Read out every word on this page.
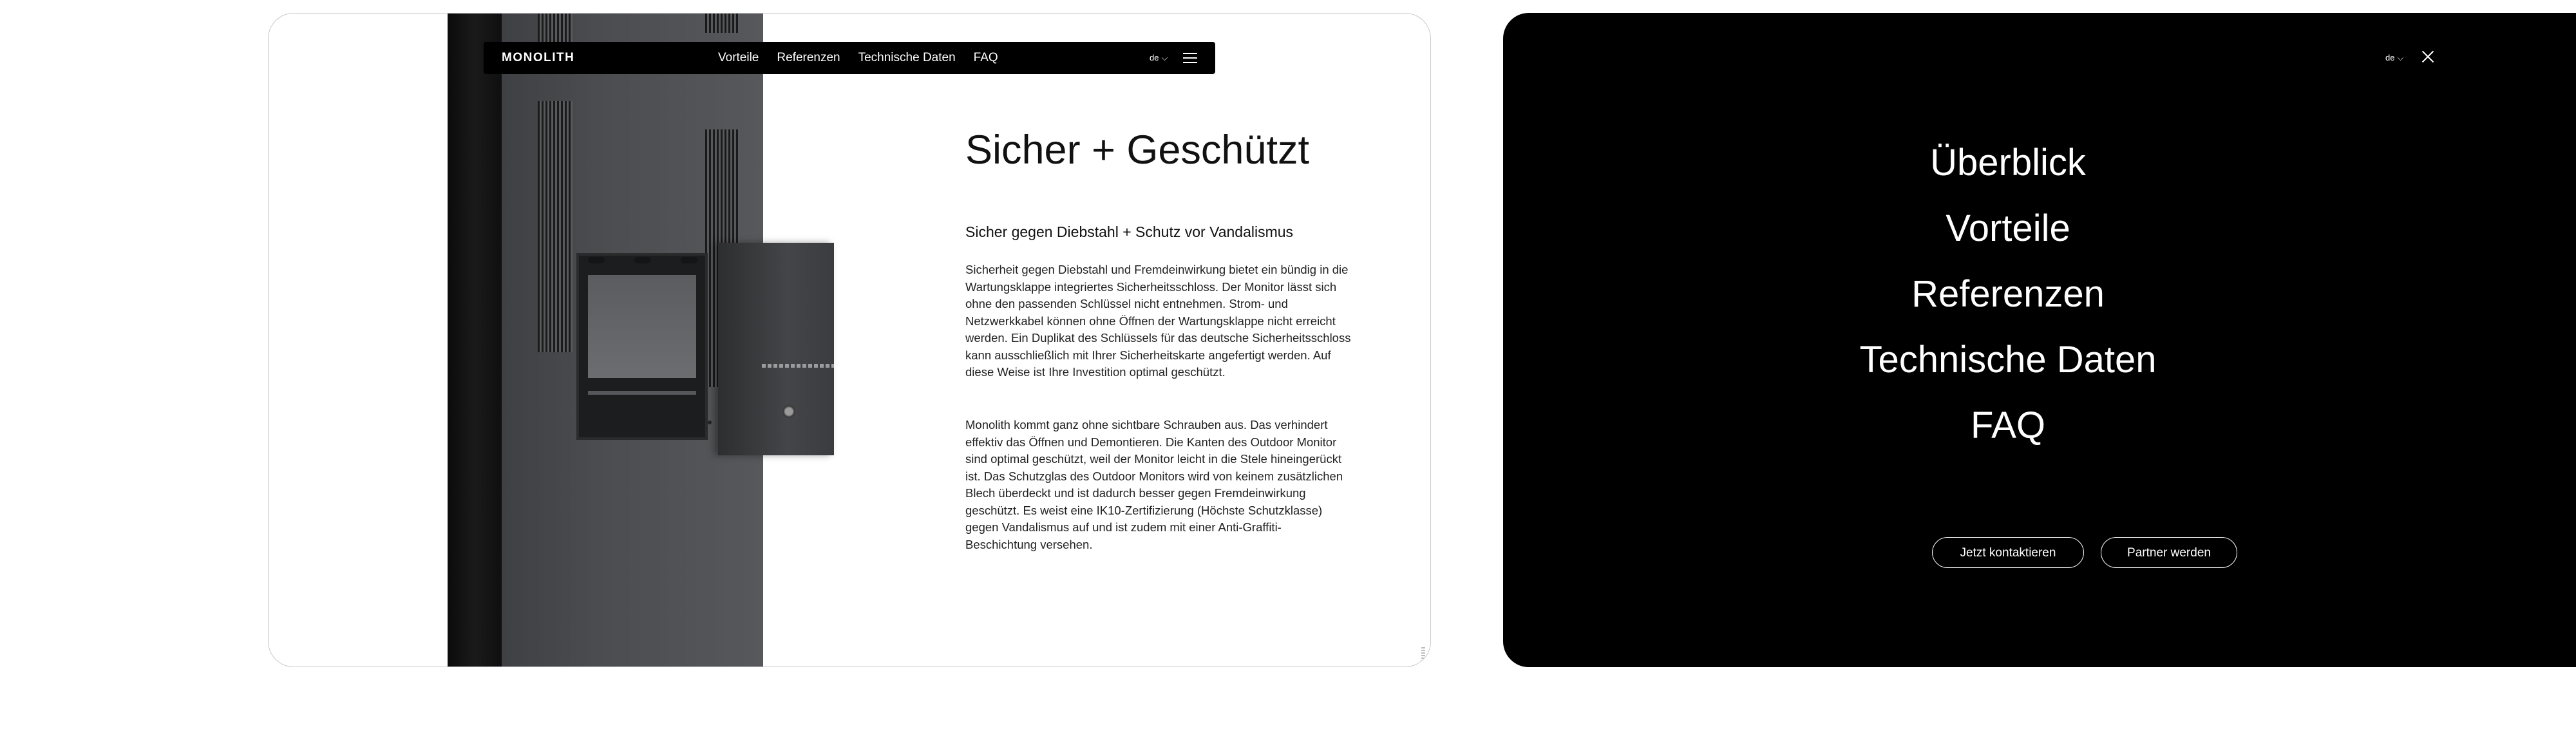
MONOLITH	Vorteile Referenzen Technische Daten FAQ	de ⌵
Sicher + Geschützt
Sicher gegen Diebstahl + Schutz vor Vandalismus

Sicherheit gegen Diebstahl und Fremdeinwirkung bietet ein bündig in die Wartungsklappe integriertes Sicherheitsschloss. Der Monitor lässt sich ohne den passenden Schlüssel nicht entnehmen. Strom- und Netzwerkkabel können ohne Öffnen der Wartungsklappe nicht erreicht werden. Ein Duplikat des Schlüssels für das deutsche Sicherheitsschloss kann ausschließlich mit Ihrer Sicherheitskarte angefertigt werden. Auf diese Weise ist Ihre Investition optimal geschützt.

Monolith kommt ganz ohne sichtbare Schrauben aus. Das verhindert effektiv das Öffnen und Demontieren. Die Kanten des Outdoor Monitor sind optimal geschützt, weil der Monitor leicht in die Stele hineingerückt ist. Das Schutzglas des Outdoor Monitors wird von keinem zusätzlichen Blech überdeckt und ist dadurch besser gegen Fremdeinwirkung geschützt. Es weist eine IK10-Zertifizierung (Höchste Schutzklasse) gegen Vandalismus auf und ist zudem mit einer Anti-Graffiti-Beschichtung versehen.

de ⌵
Überblick
Vorteile
Referenzen
Technische Daten
FAQ
Jetzt kontaktieren	Partner werden
